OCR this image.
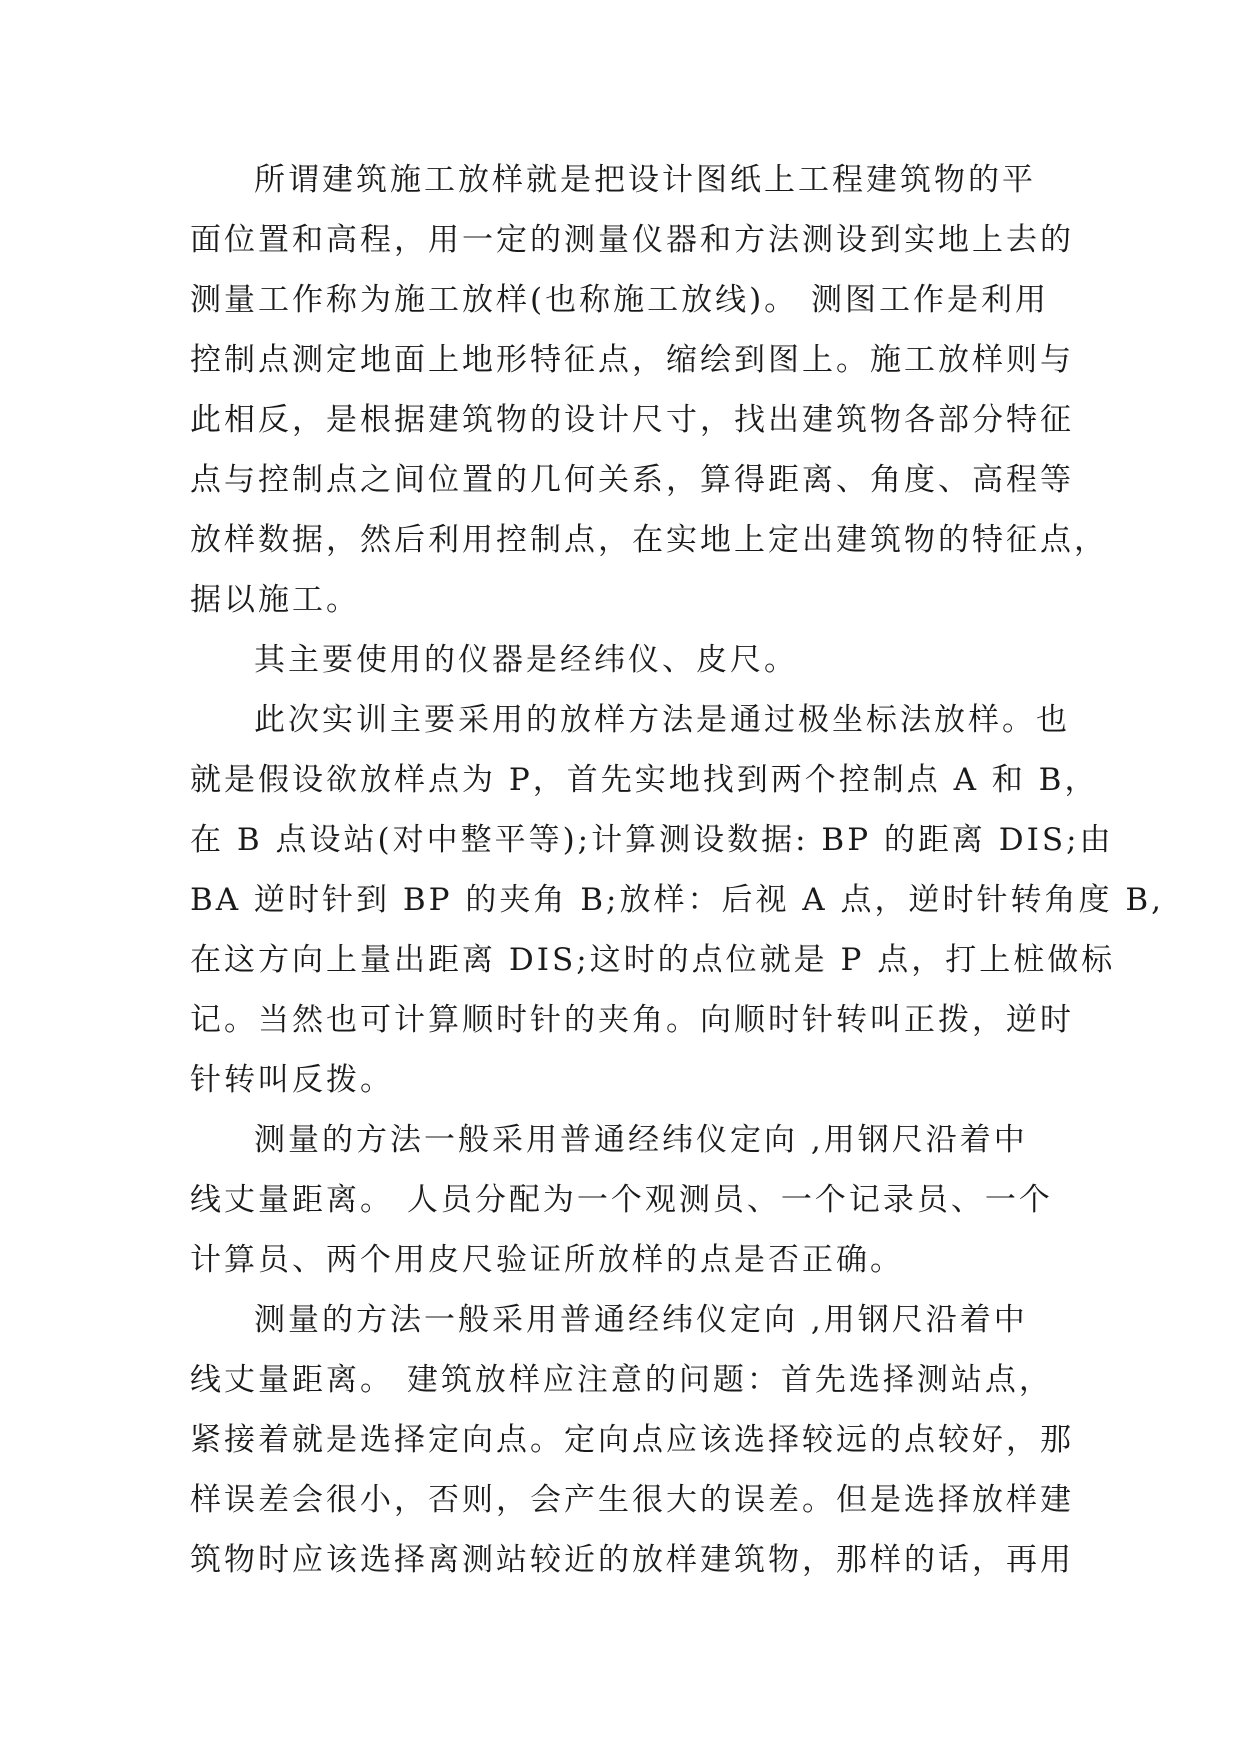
所谓建筑施工放样就是把设计图纸上工程建筑物的平
面位置和高程，用一定的测量仪器和方法测设到实地上去的
测量工作称为施工放样(也称施工放线)。 测图工作是利用
控制点测定地面上地形特征点，缩绘到图上。施工放样则与
此相反，是根据建筑物的设计尺寸，找出建筑物各部分特征
点与控制点之间位置的几何关系，算得距离、角度、高程等
放样数据，然后利用控制点，在实地上定出建筑物的特征点，
据以施工。
其主要使用的仪器是经纬仪、皮尺。
此次实训主要采用的放样方法是通过极坐标法放样。也
就是假设欲放样点为 P，首先实地找到两个控制点 A 和 B，
在 B 点设站(对中整平等);计算测设数据: BP 的距离 DIS;由
BA 逆时针到 BP 的夹角 B;放样：后视 A 点，逆时针转角度 B,
在这方向上量出距离 DIS;这时的点位就是 P 点，打上桩做标
记。当然也可计算顺时针的夹角。向顺时针转叫正拨，逆时
针转叫反拨。
测量的方法一般采用普通经纬仪定向 ,用钢尺沿着中
线丈量距离。 人员分配为一个观测员、一个记录员、一个
计算员、两个用皮尺验证所放样的点是否正确。
测量的方法一般采用普通经纬仪定向 ,用钢尺沿着中
线丈量距离。 建筑放样应注意的问题：首先选择测站点，
紧接着就是选择定向点。定向点应该选择较远的点较好，那
样误差会很小，否则，会产生很大的误差。但是选择放样建
筑物时应该选择离测站较近的放样建筑物，那样的话，再用
